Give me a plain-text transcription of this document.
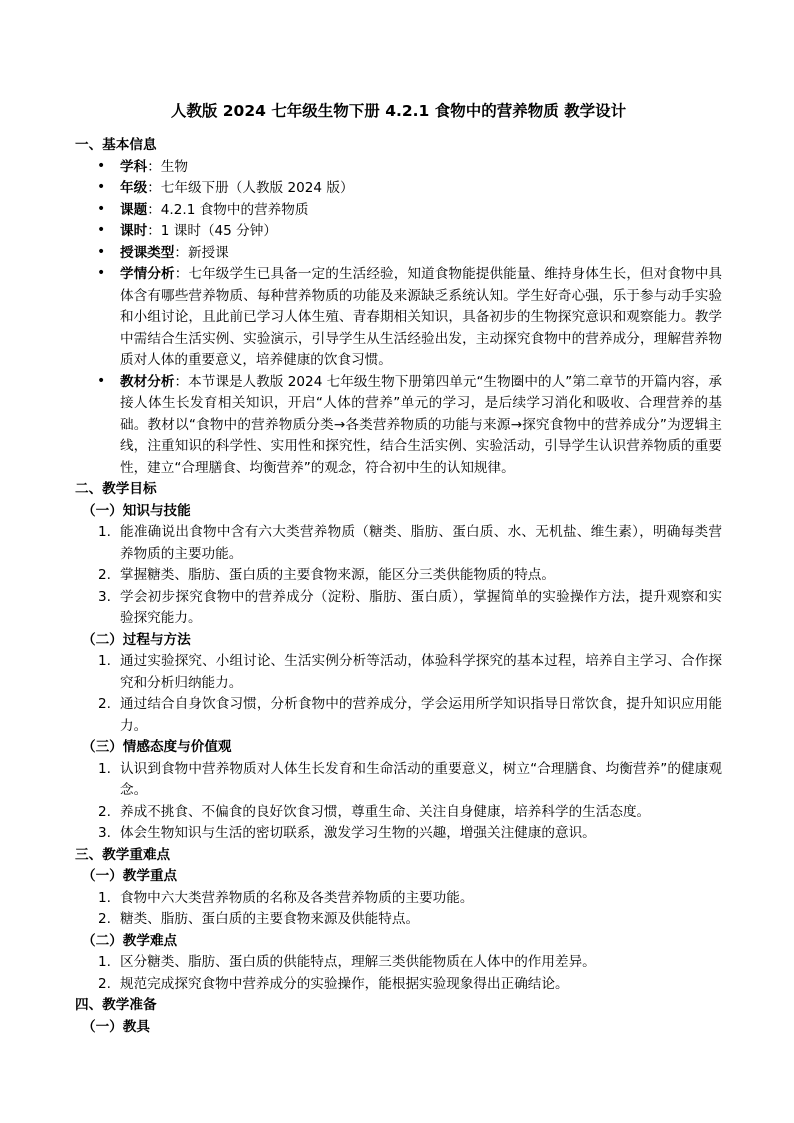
人教版 2024 七年级生物下册 4.2.1 食物中的营养物质 教学设计
一、基本信息
• 学科：生物
• 年级：七年级下册（人教版 2024 版）
• 课题：4.2.1 食物中的营养物质
• 课时：1 课时（45 分钟）
• 授课类型：新授课
• 学情分析：七年级学生已具备一定的生活经验，知道食物能提供能量、维持身体生长，但对食物中具体含有哪些营养物质、每种营养物质的功能及来源缺乏系统认知。学生好奇心强，乐于参与动手实验和小组讨论，且此前已学习人体生殖、青春期相关知识，具备初步的生物探究意识和观察能力。教学中需结合生活实例、实验演示，引导学生从生活经验出发，主动探究食物中的营养成分，理解营养物质对人体的重要意义，培养健康的饮食习惯。
• 教材分析：本节课是人教版 2024 七年级生物下册第四单元“生物圈中的人”第二章节的开篇内容，承接人体生长发育相关知识，开启“人体的营养”单元的学习，是后续学习消化和吸收、合理营养的基础。教材以“食物中的营养物质分类→各类营养物质的功能与来源→探究食物中的营养成分”为逻辑主线，注重知识的科学性、实用性和探究性，结合生活实例、实验活动，引导学生认识营养物质的重要性，建立“合理膳食、均衡营养”的观念，符合初中生的认知规律。
二、教学目标
（一）知识与技能
1. 能准确说出食物中含有六大类营养物质（糖类、脂肪、蛋白质、水、无机盐、维生素），明确每类营养物质的主要功能。
2. 掌握糖类、脂肪、蛋白质的主要食物来源，能区分三类供能物质的特点。
3. 学会初步探究食物中的营养成分（淀粉、脂肪、蛋白质），掌握简单的实验操作方法，提升观察和实验探究能力。
（二）过程与方法
1. 通过实验探究、小组讨论、生活实例分析等活动，体验科学探究的基本过程，培养自主学习、合作探究和分析归纳能力。
2. 通过结合自身饮食习惯，分析食物中的营养成分，学会运用所学知识指导日常饮食，提升知识应用能力。
（三）情感态度与价值观
1. 认识到食物中营养物质对人体生长发育和生命活动的重要意义，树立“合理膳食、均衡营养”的健康观念。
2. 养成不挑食、不偏食的良好饮食习惯，尊重生命、关注自身健康，培养科学的生活态度。
3. 体会生物知识与生活的密切联系，激发学习生物的兴趣，增强关注健康的意识。
三、教学重难点
（一）教学重点
1. 食物中六大类营养物质的名称及各类营养物质的主要功能。
2. 糖类、脂肪、蛋白质的主要食物来源及供能特点。
（二）教学难点
1. 区分糖类、脂肪、蛋白质的供能特点，理解三类供能物质在人体中的作用差异。
2. 规范完成探究食物中营养成分的实验操作，能根据实验现象得出正确结论。
四、教学准备
（一）教具
